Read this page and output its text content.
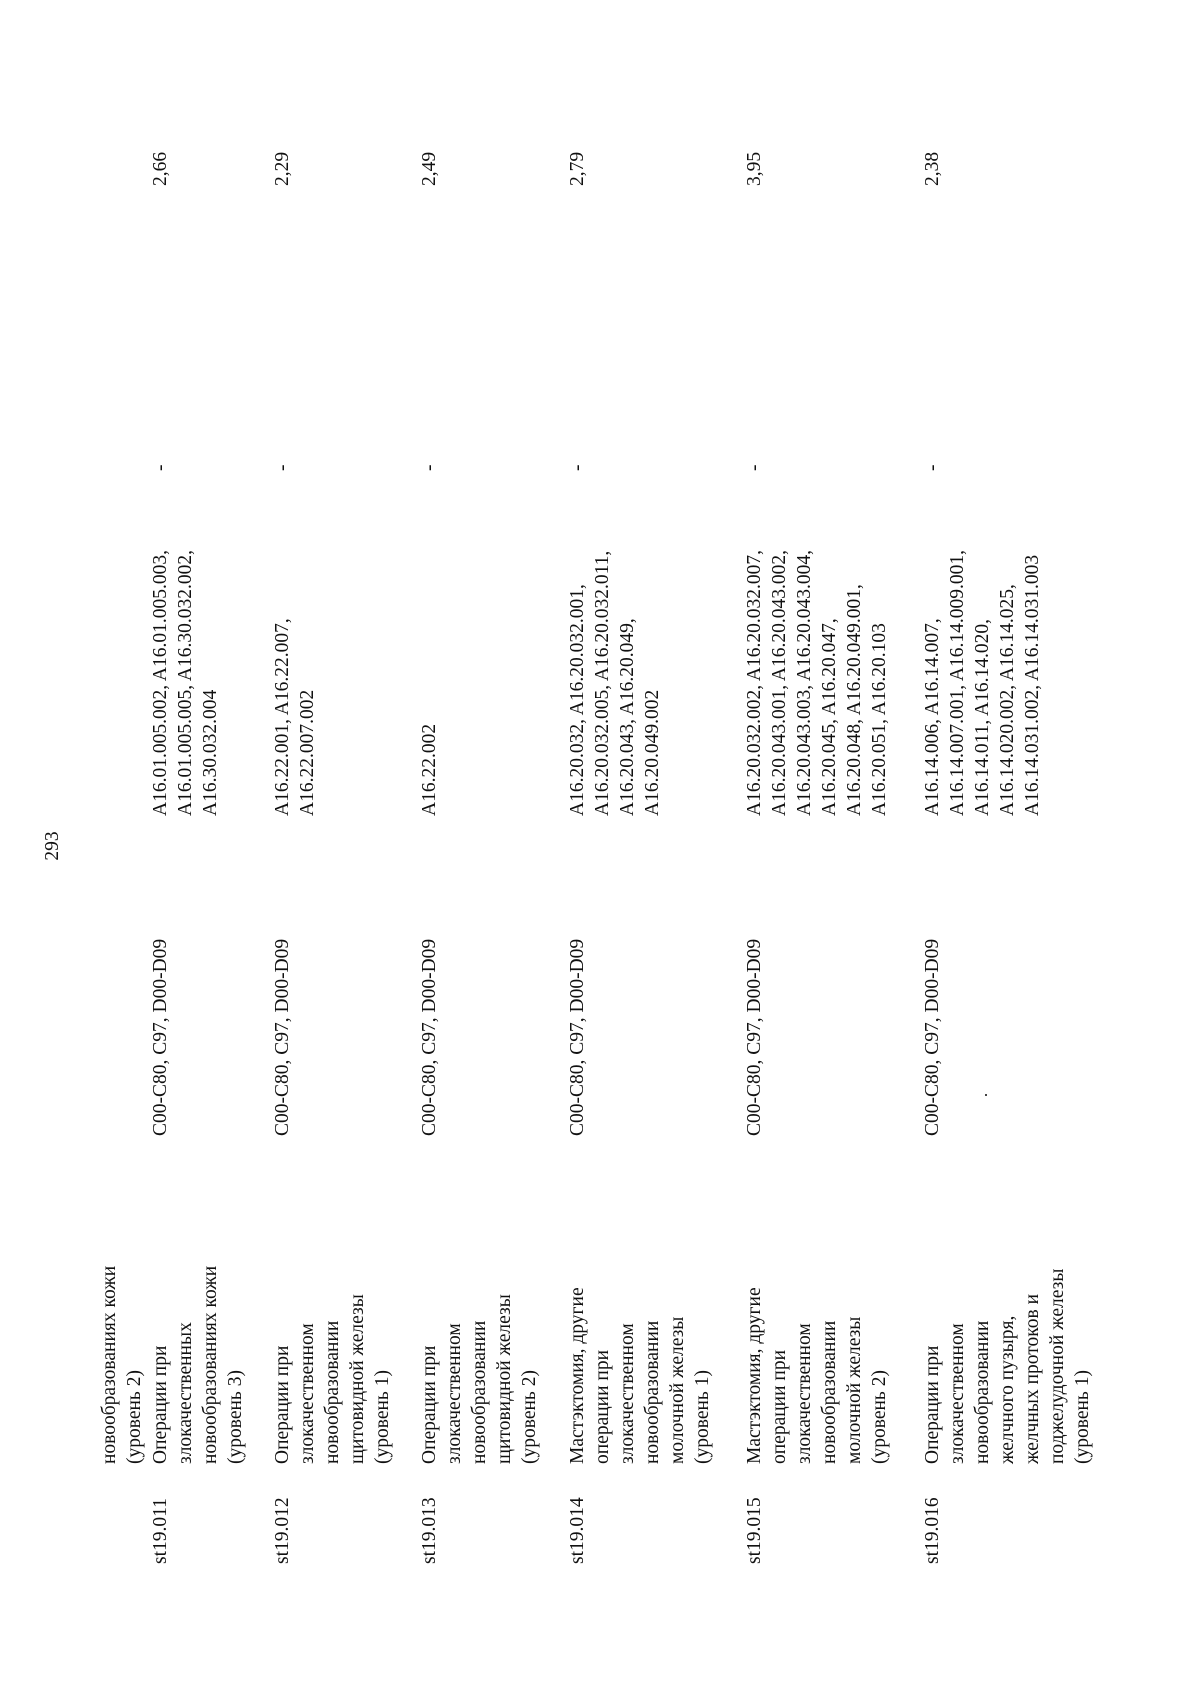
293
новообразованиях кожи (уровень 2)
st19.011
Операции при злокачественных новообразованиях кожи (уровень 3)
C00-C80, C97, D00-D09
A16.01.005.002, A16.01.005.003, A16.01.005.005, A16.30.032.002, A16.30.032.004
-
2,66
st19.012
Операции при злокачественном новообразовании щитовидной железы (уровень 1)
C00-C80, C97, D00-D09
A16.22.001, A16.22.007, A16.22.007.002
-
2,29
st19.013
Операции при злокачественном новообразовании щитовидной железы (уровень 2)
C00-C80, C97, D00-D09
A16.22.002
-
2,49
st19.014
Мастэктомия, другие операции при злокачественном новообразовании молочной железы (уровень 1)
C00-C80, C97, D00-D09
A16.20.032, A16.20.032.001, A16.20.032.005, A16.20.032.011, A16.20.043, A16.20.049, A16.20.049.002
-
2,79
st19.015
Мастэктомия, другие операции при злокачественном новообразовании молочной железы (уровень 2)
C00-C80, C97, D00-D09
A16.20.032.002, A16.20.032.007, A16.20.043.001, A16.20.043.002, A16.20.043.003, A16.20.043.004, A16.20.045, A16.20.047, A16.20.048, A16.20.049.001, A16.20.051, A16.20.103
-
3,95
st19.016
Операции при злокачественном новообразовании желчного пузыря, желчных протоков и поджелудочной железы (уровень 1)
C00-C80, C97, D00-D09
A16.14.006, A16.14.007, A16.14.007.001, A16.14.009.001, A16.14.011, A16.14.020, A16.14.020.002, A16.14.025, A16.14.031.002, A16.14.031.003
-
2,38
